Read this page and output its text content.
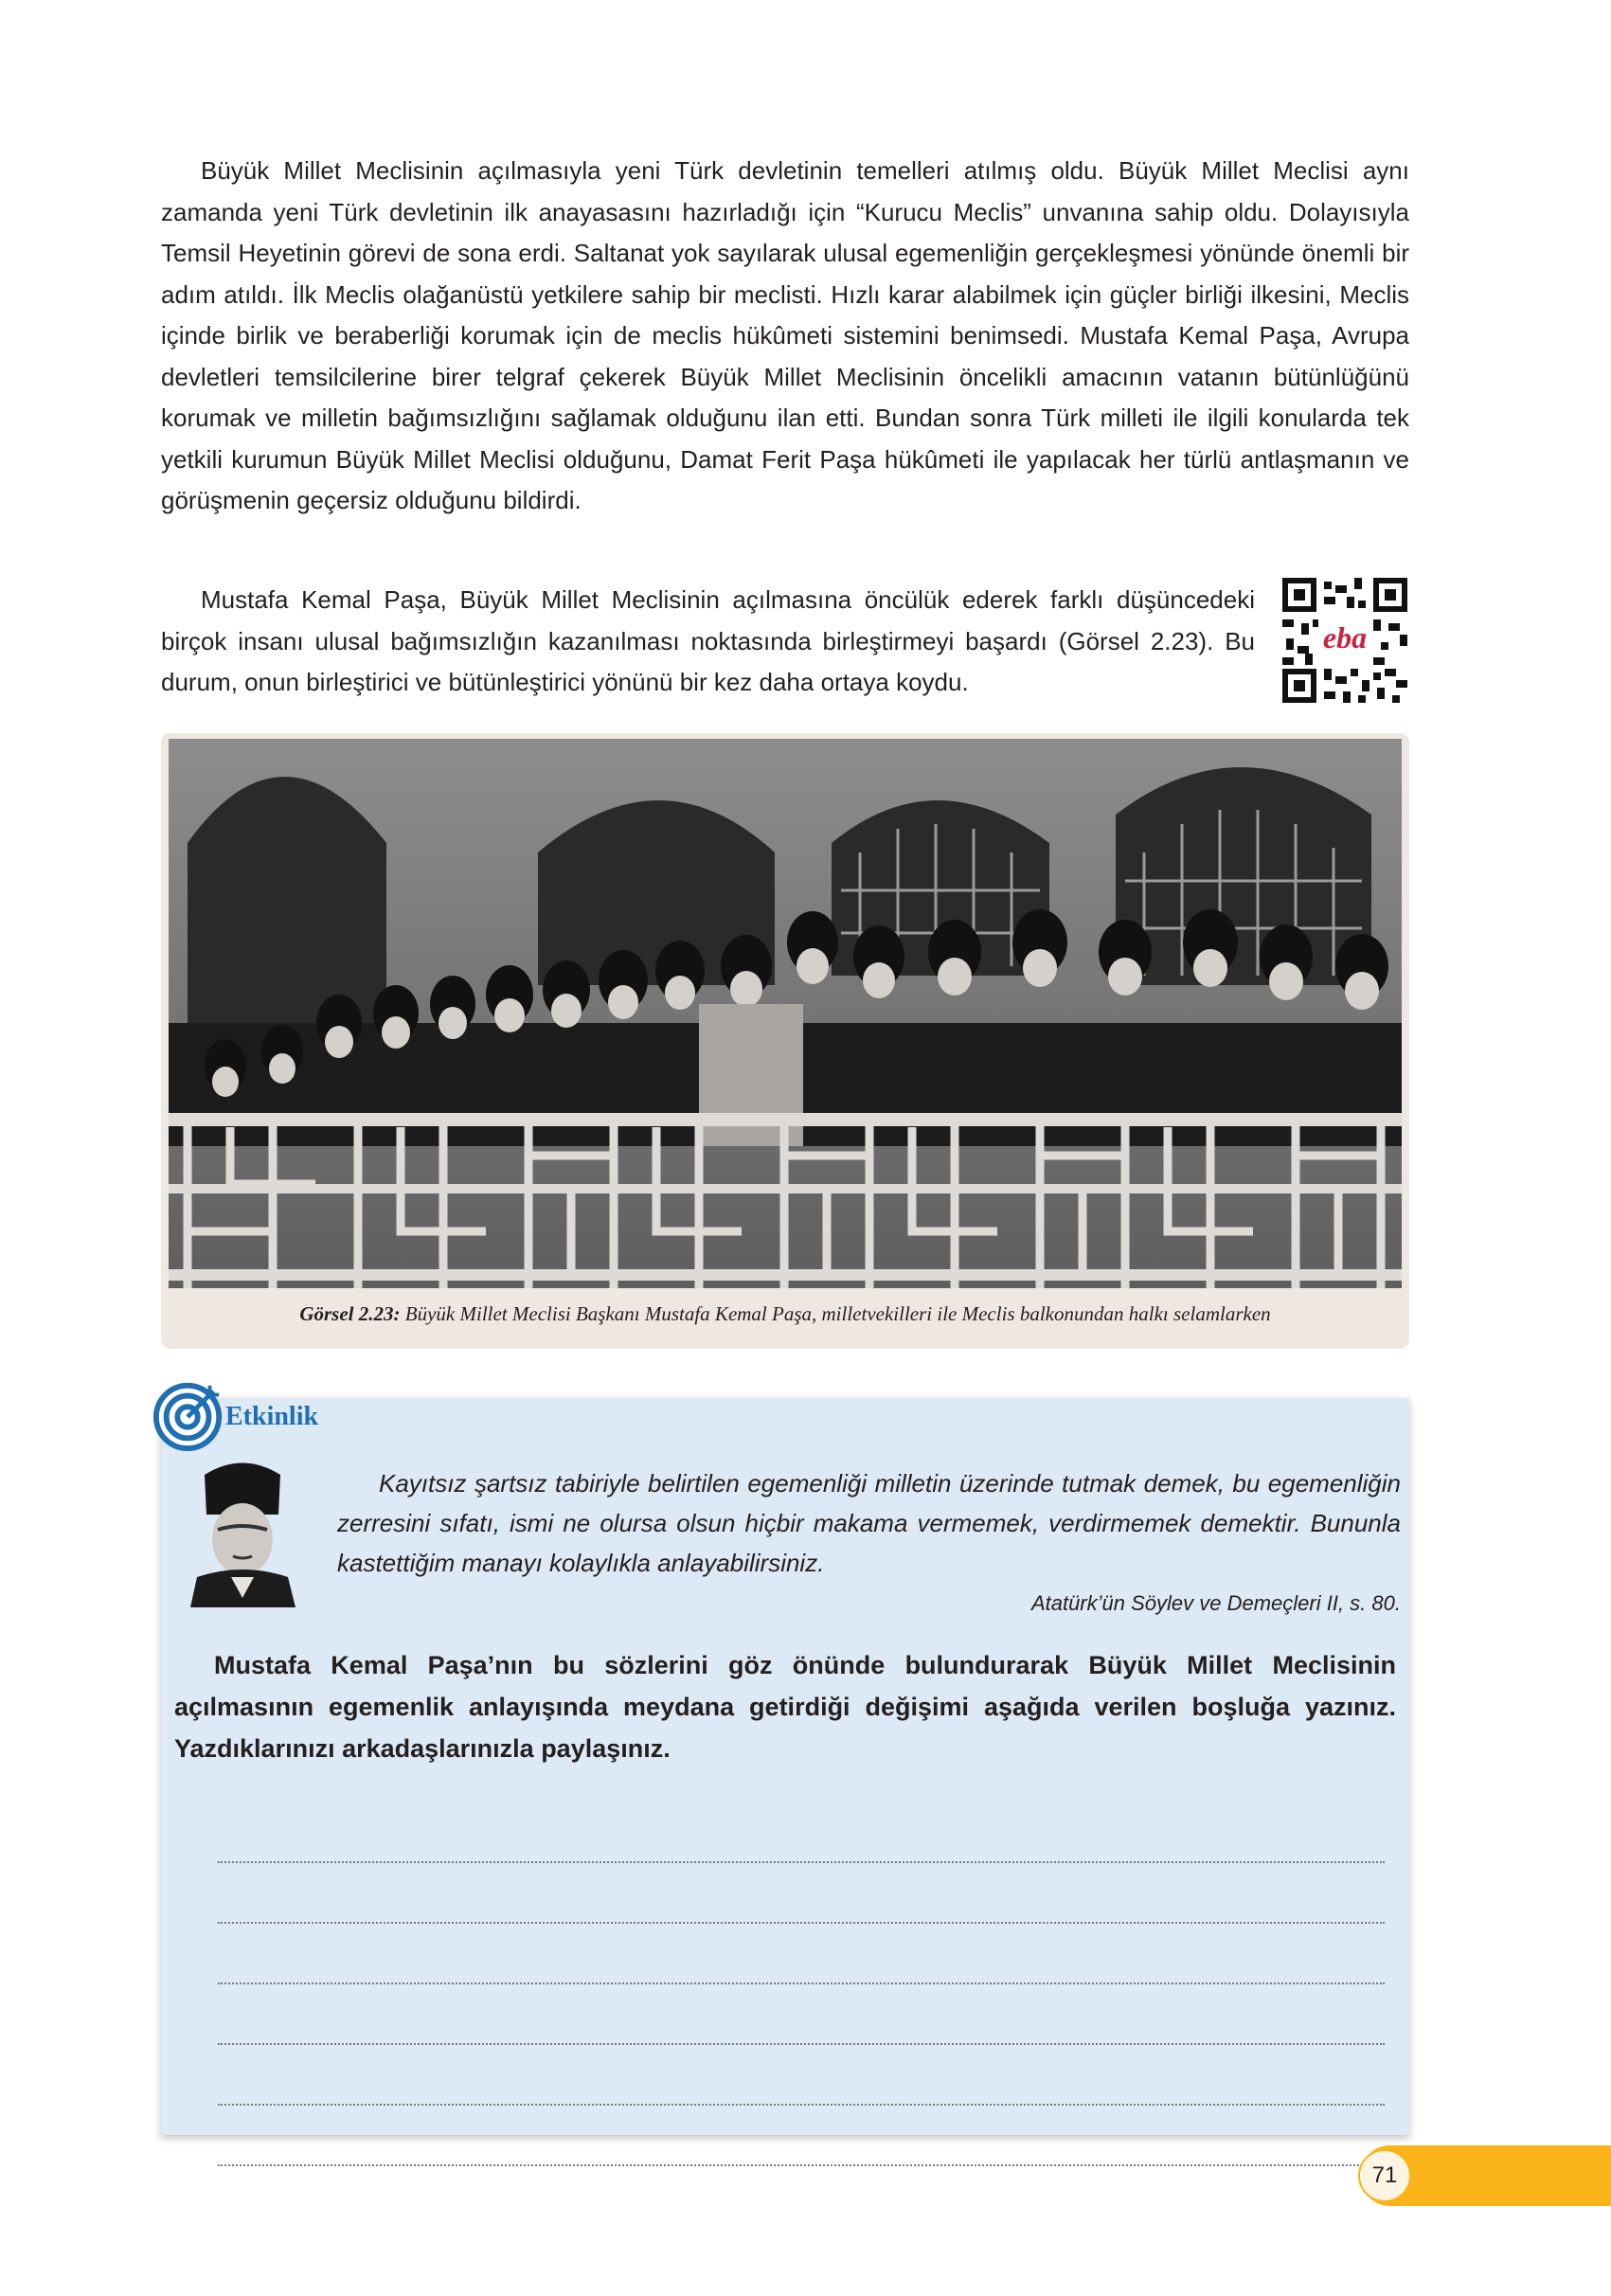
Büyük Millet Meclisinin açılmasıyla yeni Türk devletinin temelleri atılmış oldu. Büyük Millet Meclisi aynı zamanda yeni Türk devletinin ilk anayasasını hazırladığı için “Kurucu Meclis” unvanına sahip oldu. Dolayısıyla Temsil Heyetinin görevi de sona erdi. Saltanat yok sayılarak ulusal egemenliğin gerçekleşmesi yönünde önemli bir adım atıldı. İlk Meclis olağanüstü yetkilere sahip bir meclisti. Hızlı karar alabilmek için güçler birliği ilkesini, Meclis içinde birlik ve beraberliği korumak için de meclis hükûmeti sistemini benimsedi. Mustafa Kemal Paşa, Avrupa devletleri temsilcilerine birer telgraf çekerek Büyük Millet Meclisinin öncelikli amacının vatanın bütünlüğünü korumak ve milletin bağımsızlığını sağlamak olduğunu ilan etti. Bundan sonra Türk milleti ile ilgili konularda tek yetkili kurumun Büyük Millet Meclisi olduğunu, Damat Ferit Paşa hükûmeti ile yapılacak her türlü antlaşmanın ve görüşmenin geçersiz olduğunu bildirdi.

Mustafa Kemal Paşa, Büyük Millet Meclisinin açılmasına öncülük ederek farklı düşüncedeki birçok insanı ulusal bağımsızlığın kazanılması noktasında birleştirmeyi başardı (Görsel 2.23). Bu durum, onun birleştirici ve bütünleştirici yönünü bir kez daha ortaya koydu.

eba
Görsel 2.23: Büyük Millet Meclisi Başkanı Mustafa Kemal Paşa, milletvekilleri ile Meclis balkonundan halkı selamlarken
Etkinlik

Kayıtsız şartsız tabiriyle belirtilen egemenliği milletin üzerinde tutmak demek, bu egemenliğin zerresini sıfatı, ismi ne olursa olsun hiçbir makama vermemek, verdirmemek demektir. Bununla kastettiğim manayı kolaylıkla anlayabilirsiniz.

Atatürk’ün Söylev ve Demeçleri II, s. 80.

Mustafa Kemal Paşa’nın bu sözlerini göz önünde bulundurarak Büyük Millet Meclisinin açılmasının egemenlik anlayışında meydana getirdiği değişimi aşağıda verilen boşluğa yazınız. Yazdıklarınızı arkadaşlarınızla paylaşınız.

71
